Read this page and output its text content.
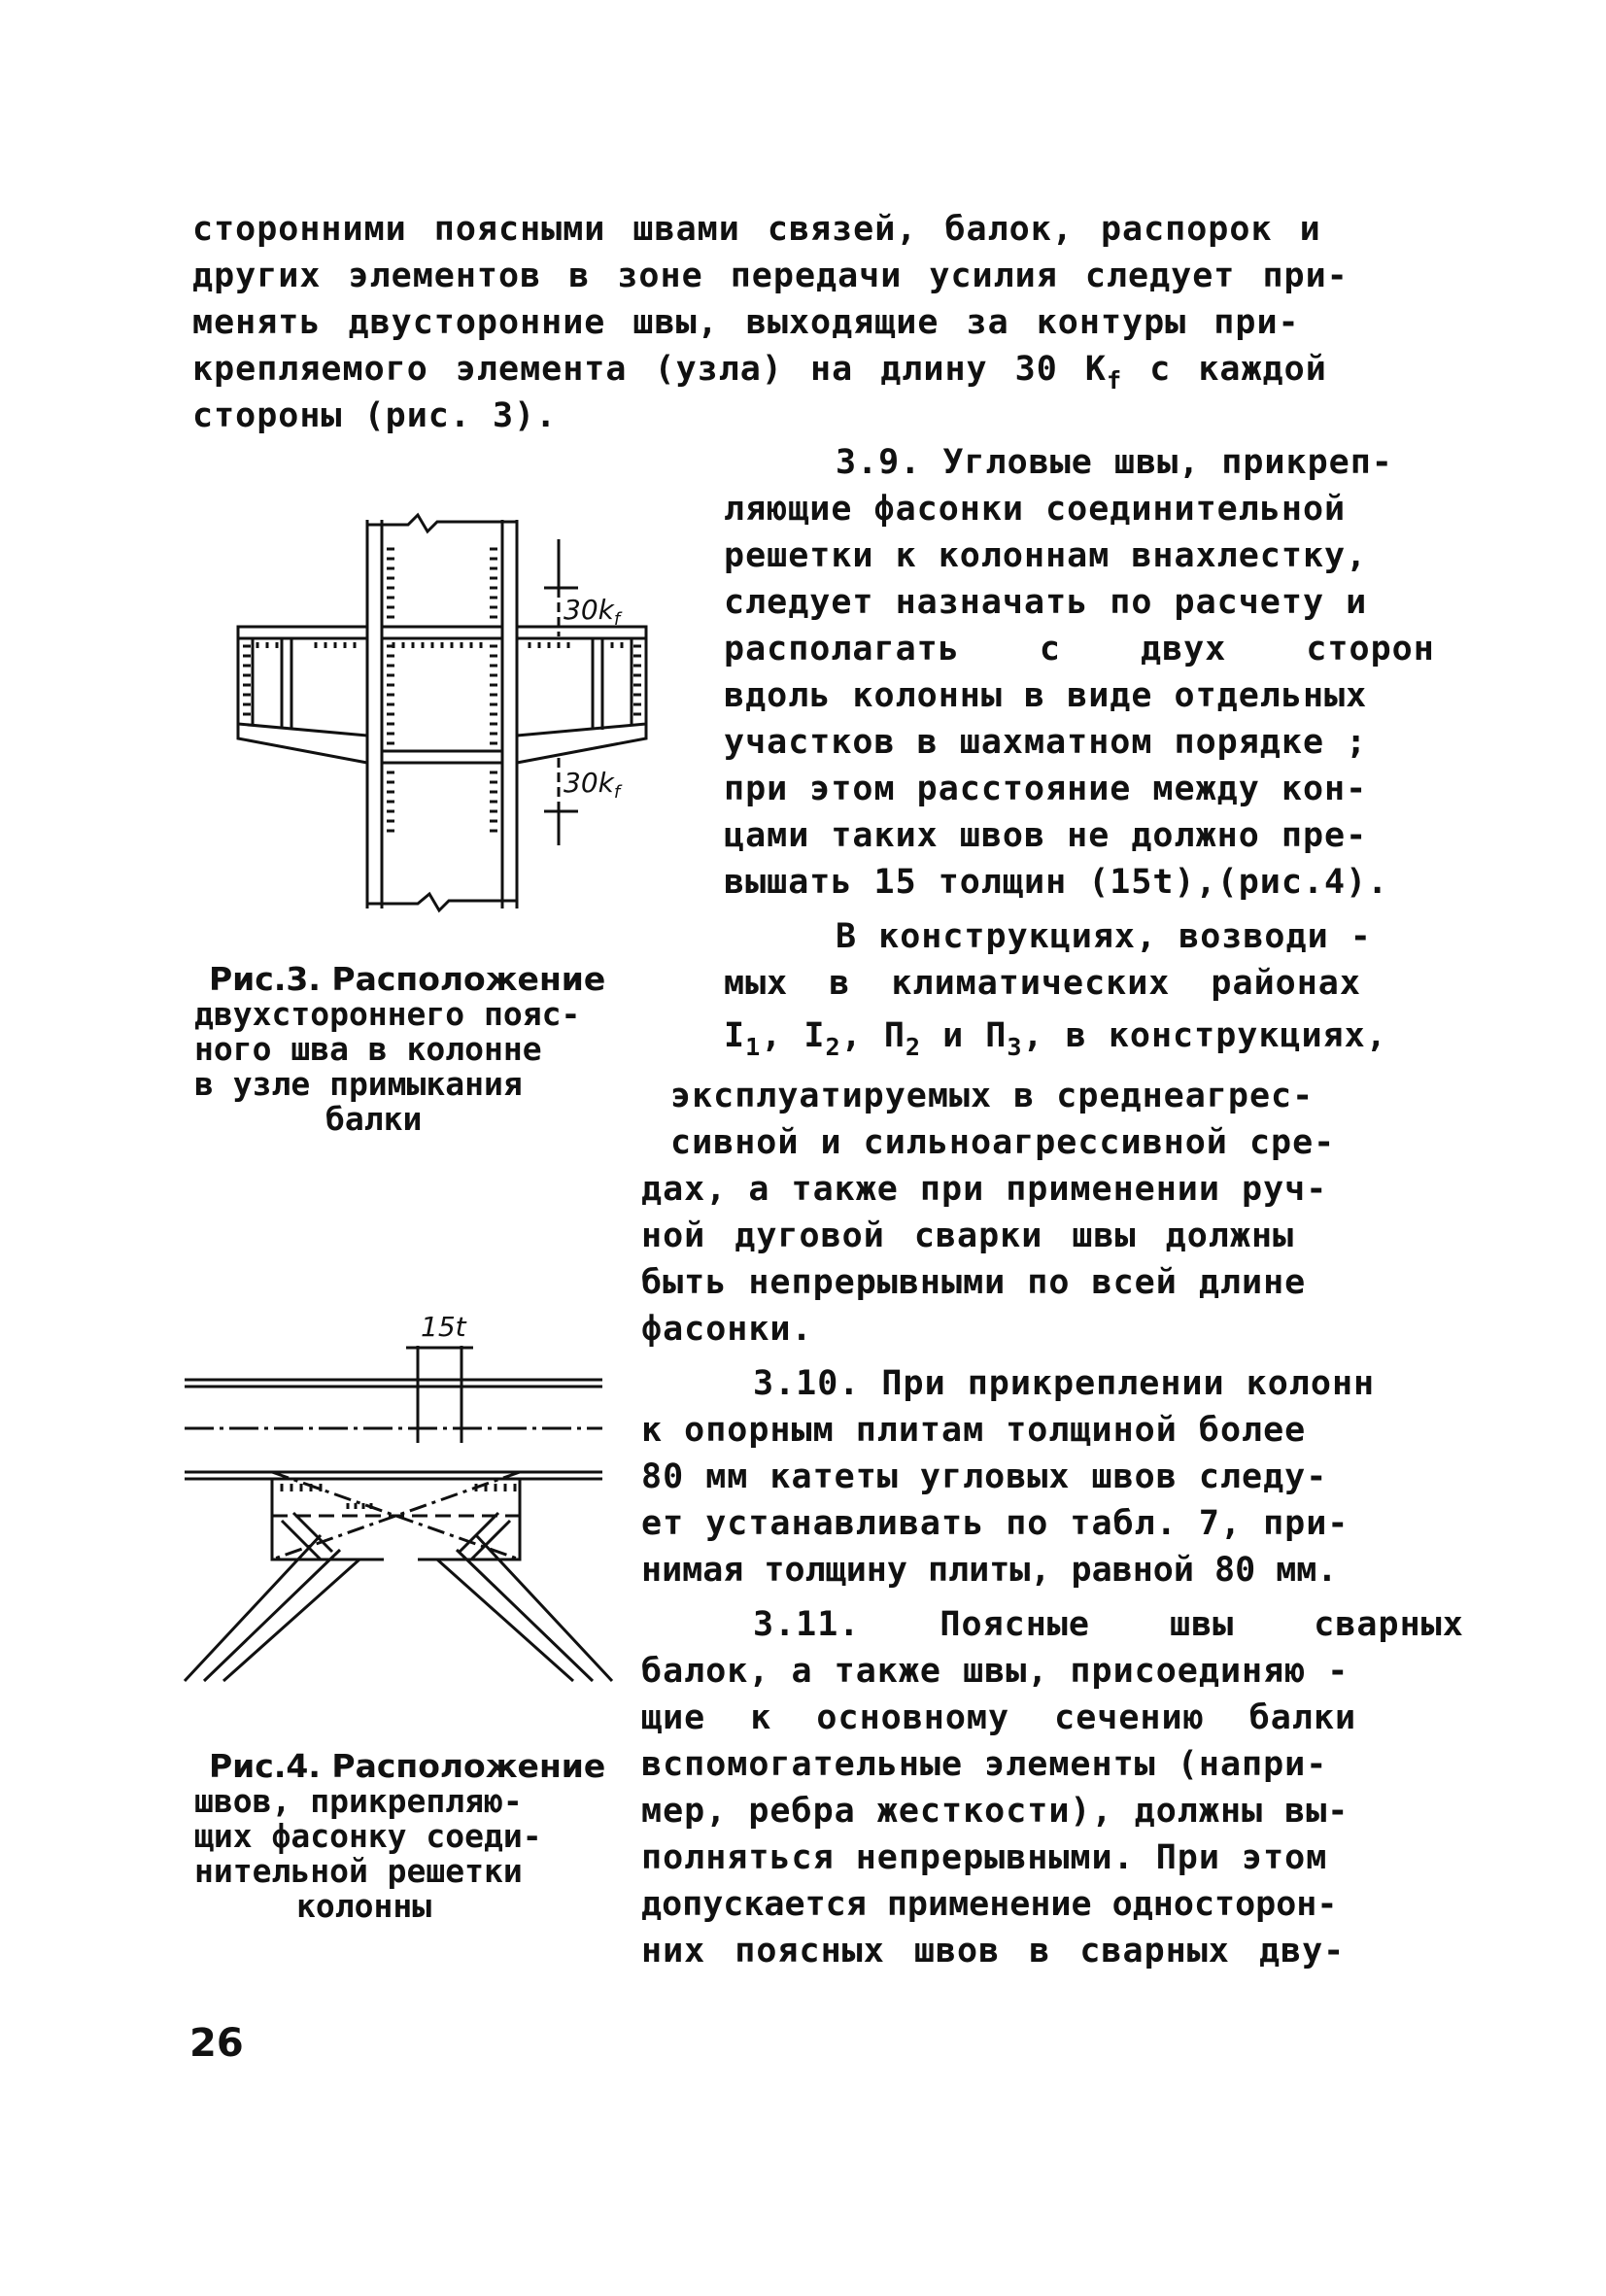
сторонними поясными швами связей, балок, распорок и
других элементов в зоне передачи усилия следует при-
менять двусторонние швы, выходящие за контуры при-
крепляемого элемента (узла) на длину 30 $K_f$ с каждой
стороны (рис. 3).
3.9. Угловые швы, прикреп-
ляющие фасонки соединительной
решетки к колоннам внахлестку,
следует назначать по расчету и
располагать с двух сторон
вдоль колонны в виде отдельных
участков в шахматном порядке ;
при этом расстояние между кон-
цами таких швов не должно пре-
вышать 15 толщин (15t),(рис.4).
В конструкциях, возводи -
мых в климатических районах
$I_1$, $I_2$, $П_2$ и $П_3$, в конструкциях,
эксплуатируемых в среднеагрес-
сивной и сильноагрессивной сре-
дах, а также при применении руч-
ной дуговой сварки швы должны
быть непрерывными по всей длине
фасонки.
3.10. При прикреплении колонн
к опорным плитам толщиной более
80 мм катеты угловых швов следу-
ет устанавливать по табл. 7, при-
нимая толщину плиты, равной 80 мм.
3.11. Поясные швы сварных
балок, а также швы, присоединяю -
щие к основному сечению балки
вспомогательные элементы (напри-
мер, ребра жесткости), должны вы-
полняться непрерывными. При этом
допускается применение односторон-
них поясных швов в сварных дву-
$30k_f$
$30k_f$
Рис.3. Расположение
двухстороннего пояс-
ного шва в колонне
в узле примыкания
балки
15t
Рис.4. Расположение
швов, прикрепляю-
щих фасонку соеди-
нительной решетки
колонны
26
